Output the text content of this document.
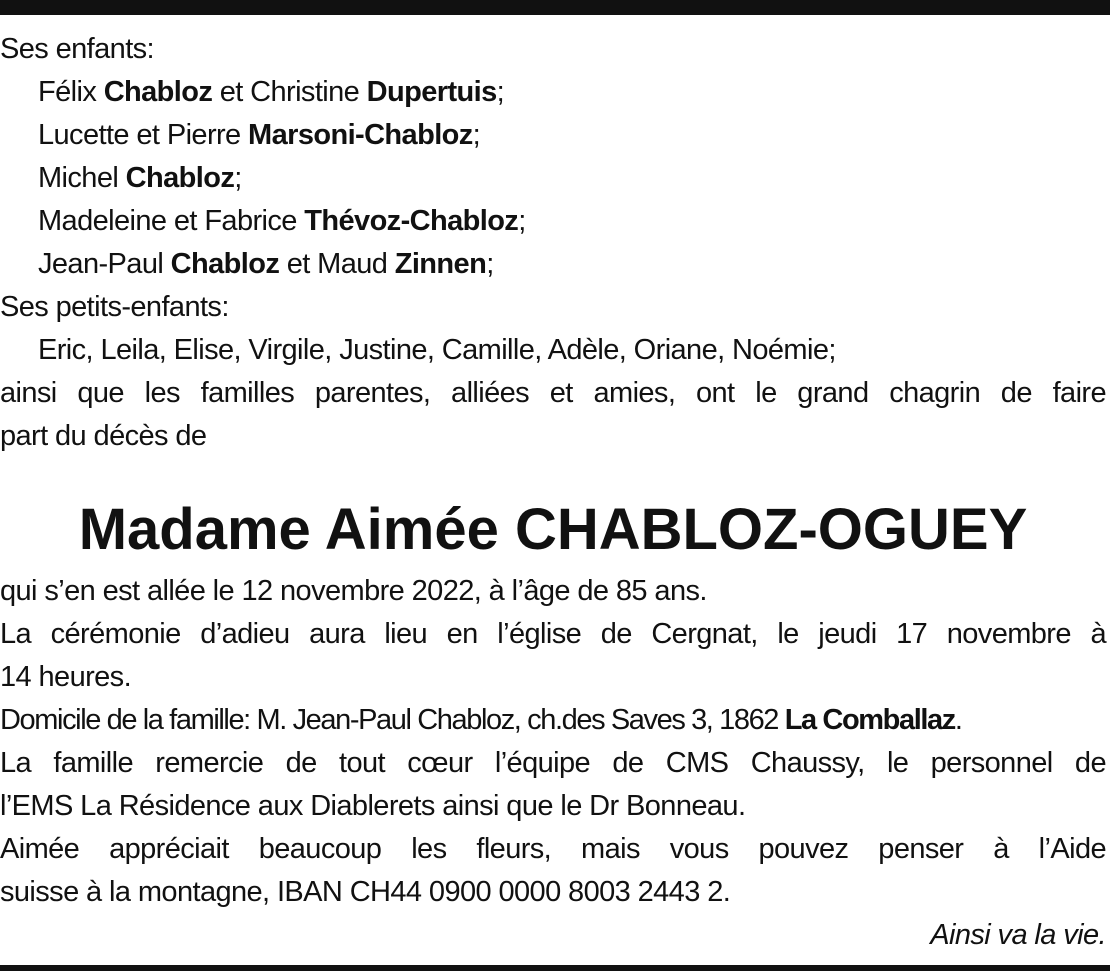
Ses enfants:
Félix Chabloz et Christine Dupertuis;
Lucette et Pierre Marsoni-Chabloz;
Michel Chabloz;
Madeleine et Fabrice Thévoz-Chabloz;
Jean-Paul Chabloz et Maud Zinnen;
Ses petits-enfants:
Eric, Leila, Elise, Virgile, Justine, Camille, Adèle, Oriane, Noémie;
ainsi que les familles parentes, alliées et amies, ont le grand chagrin de faire
part du décès de
Madame Aimée CHABLOZ-OGUEY
qui s’en est allée le 12 novembre 2022, à l’âge de 85 ans.
La cérémonie d’adieu aura lieu en l’église de Cergnat, le jeudi 17 novembre à
14 heures.
Domicile de la famille: M. Jean-Paul Chabloz, ch.des Saves 3, 1862 La Comballaz.
La famille remercie de tout cœur l’équipe de CMS Chaussy, le personnel de
l’EMS La Résidence aux Diablerets ainsi que le Dr Bonneau.
Aimée appréciait beaucoup les fleurs, mais vous pouvez penser à l’Aide
suisse à la montagne, IBAN CH44 0900 0000 8003 2443 2.
Ainsi va la vie.
